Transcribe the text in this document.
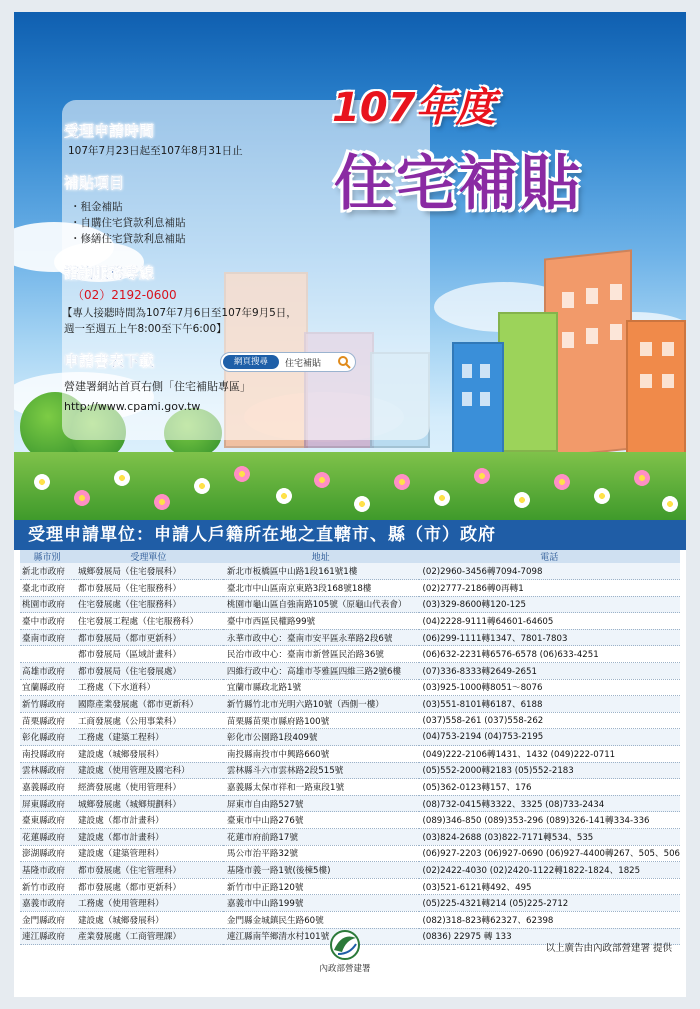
受理申請時間
107年7月23日起至107年8月31日止
補貼項目
・租金補貼
・自購住宅貸款利息補貼
・修繕住宅貸款利息補貼
諮詢服務專線
（02）2192-0600
【專人接聽時間為107年7月6日至107年9月5日，
週一至週五上午8:00至下午6:00】
申請書表下載	網頁搜尋	住宅補貼
營建署網站首頁右側「住宅補貼專區」
http://www.cpami.gov.tw
107年度
住宅補貼
受理申請單位：申請人戶籍所在地之直轄市、縣（市）政府
縣市別	受理單位	地址	電話
新北市政府	城鄉發展局（住宅發展科）	新北市板橋區中山路1段161號1樓	(02)2960-3456轉7094-7098
臺北市政府	都市發展局（住宅服務科）	臺北市中山區南京東路3段168號18樓	(02)2777-2186轉0再轉1
桃園市政府	住宅發展處（住宅服務科）	桃園市龜山區自強南路105號（原龜山代表會）	(03)329-8600轉120-125
臺中市政府	住宅發展工程處（住宅服務科）	臺中市西區民權路99號	(04)2228-9111轉64601-64605
臺南市政府	都市發展局（都市更新科）	永華市政中心：臺南市安平區永華路2段6號	(06)299-1111轉1347、7801-7803
	都市發展局（區域計畫科）	民治市政中心：臺南市新營區民治路36號	(06)632-2231轉6576-6578 (06)633-4251
高雄市政府	都市發展局（住宅發展處）	四維行政中心：高雄市苓雅區四維三路2號6樓	(07)336-8333轉2649-2651
宜蘭縣政府	工務處（下水道科）	宜蘭市縣政北路1號	(03)925-1000轉8051～8076
新竹縣政府	國際產業發展處（都市更新科）	新竹縣竹北市光明六路10號（西側一樓）	(03)551-8101轉6187、6188
苗栗縣政府	工商發展處（公用事業科）	苗栗縣苗栗市縣府路100號	(037)558-261 (037)558-262
彰化縣政府	工務處（建築工程科）	彰化市公園路1段409號	(04)753-2194 (04)753-2195
南投縣政府	建設處（城鄉發展科）	南投縣南投市中興路660號	(049)222-2106轉1431、1432 (049)222-0711
雲林縣政府	建設處（使用管理及國宅科）	雲林縣斗六市雲林路2段515號	(05)552-2000轉2183 (05)552-2183
嘉義縣政府	經濟發展處（使用管理科）	嘉義縣太保市祥和一路東段1號	(05)362-0123轉157、176
屏東縣政府	城鄉發展處（城鄉規劃科）	屏東市自由路527號	(08)732-0415轉3322、3325 (08)733-2434
臺東縣政府	建設處（都市計畫科）	臺東市中山路276號	(089)346-850 (089)353-296 (089)326-141轉334-336
花蓮縣政府	建設處（都市計畫科）	花蓮市府前路17號	(03)824-2688 (03)822-7171轉534、535
澎湖縣政府	建設處（建築管理科）	馬公市治平路32號	(06)927-2203 (06)927-0690 (06)927-4400轉267、505、506
基隆市政府	都市發展處（住宅管理科）	基隆市義一路1號(後棟5樓)	(02)2422-4030 (02)2420-1122轉1822-1824、1825
新竹市政府	都市發展處（都市更新科）	新竹市中正路120號	(03)521-6121轉492、495
嘉義市政府	工務處（使用管理科）	嘉義市中山路199號	(05)225-4321轉214 (05)225-2712
金門縣政府	建設處（城鄉發展科）	金門縣金城鎮民生路60號	(082)318-823轉62327、62398
連江縣政府	產業發展處（工商管理課）	連江縣南竿鄉清水村101號	(0836) 22975 轉 133
內政部營建署
以上廣告由內政部營建署 提供
